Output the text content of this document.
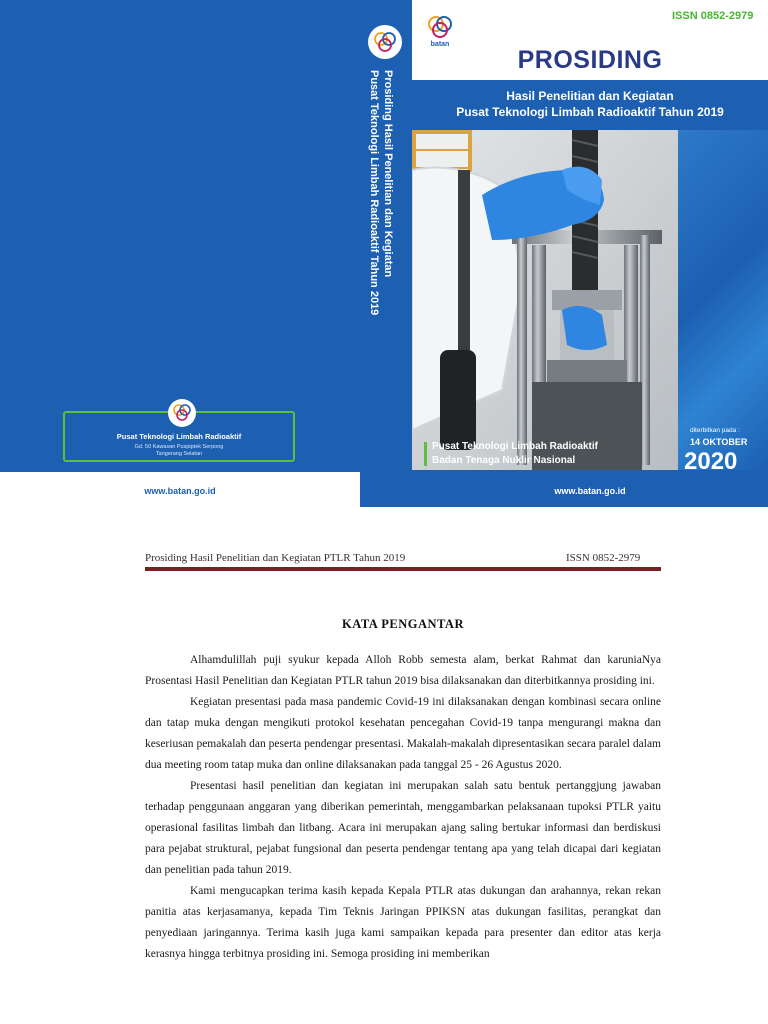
Pusat Teknologi Limbah Radioaktif
Gd. 50 Kawasan Puspiptek Serpong
Tangerang Selatan
www.batan.go.id
Prosiding Hasil Penelitian dan Kegiatan
Pusat Teknologi Limbah Radioaktif Tahun 2019
batan
ISSN 0852-2979
PROSIDING
Hasil Penelitian dan Kegiatan
Pusat Teknologi Limbah Radioaktif Tahun 2019
Pusat Teknologi Limbah Radioaktif
Badan Tenaga Nuklir Nasional
diterbitkan pada :
14 OKTOBER
2020
www.batan.go.id
Prosiding Hasil Penelitian dan Kegiatan PTLR Tahun 2019	ISSN 0852-2979
KATA PENGANTAR

Alhamdulillah puji syukur kepada Alloh Robb semesta alam, berkat Rahmat dan karuniaNya Prosentasi Hasil Penelitian dan Kegiatan PTLR tahun 2019 bisa dilaksanakan dan diterbitkannya prosiding ini.

Kegiatan presentasi pada masa pandemic Covid-19 ini dilaksanakan dengan kombinasi secara online dan tatap muka dengan mengikuti protokol kesehatan pencegahan Covid-19 tanpa mengurangi makna dan keseriusan pemakalah dan peserta pendengar presentasi. Makalah-makalah dipresentasikan secara paralel dalam dua meeting room tatap muka dan online dilaksanakan pada tanggal 25 - 26 Agustus 2020.

Presentasi hasil penelitian dan kegiatan ini merupakan salah satu bentuk pertanggjung jawaban terhadap penggunaan anggaran yang diberikan pemerintah, menggambarkan pelaksanaan tupoksi PTLR yaitu operasional fasilitas limbah dan litbang. Acara ini merupakan ajang saling bertukar informasi dan berdiskusi para pejabat struktural, pejabat fungsional dan peserta pendengar tentang apa yang telah dicapai dari kegiatan dan penelitian pada tahun 2019.

Kami mengucapkan terima kasih kepada Kepala PTLR atas dukungan dan arahannya, rekan rekan panitia atas kerjasamanya, kepada Tim Teknis Jaringan PPIKSN atas dukungan fasilitas, perangkat dan penyediaan jaringannya. Terima kasih juga kami sampaikan kepada para presenter dan editor atas kerja kerasnya hingga terbitnya prosiding ini. Semoga prosiding ini memberikan
